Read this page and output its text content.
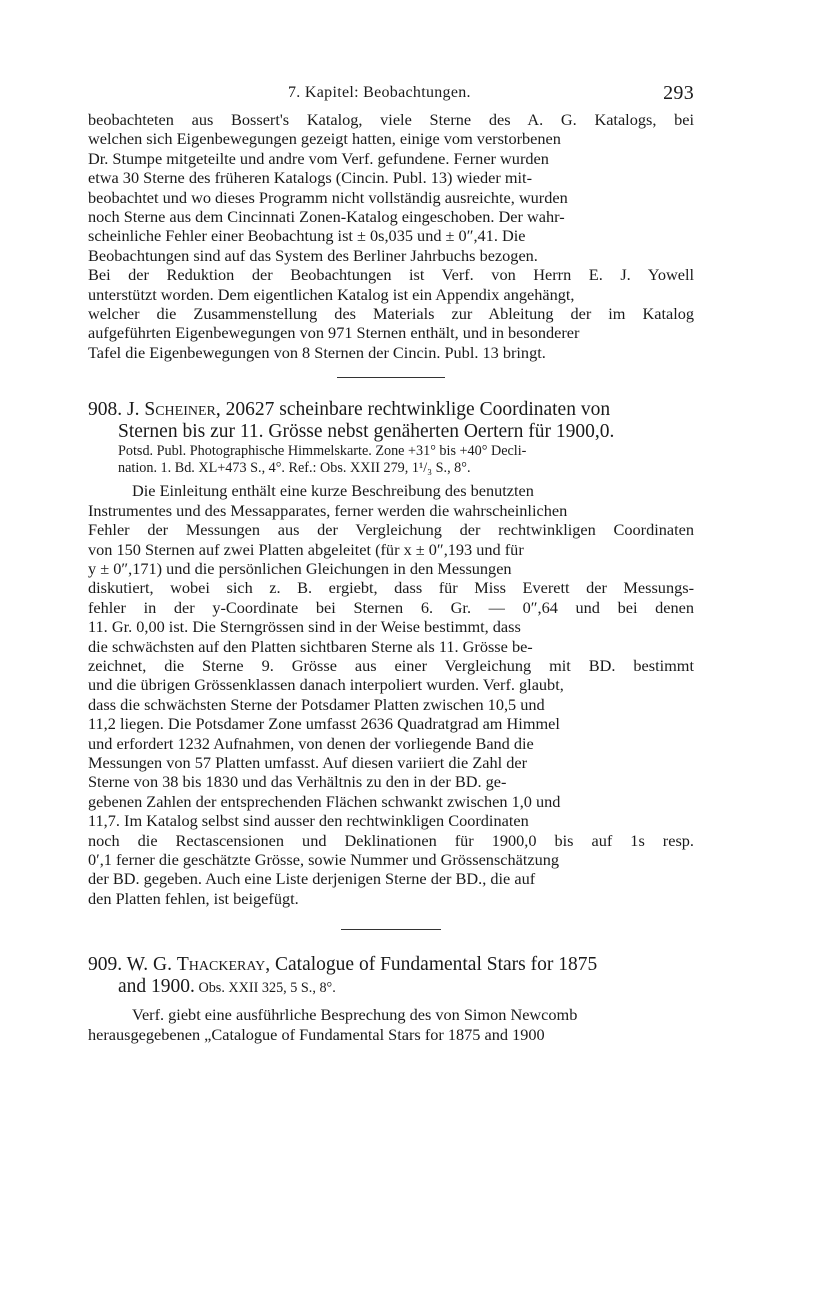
7. Kapitel: Beobachtungen.	293
beobachteten aus Bossert's Katalog, viele Sterne des A. G. Katalogs, bei
welchen sich Eigenbewegungen gezeigt hatten, einige vom verstorbenen
Dr. Stumpe mitgeteilte und andre vom Verf. gefundene. Ferner wurden
etwa 30 Sterne des früheren Katalogs (Cincin. Publ. 13) wieder mit-
beobachtet und wo dieses Programm nicht vollständig ausreichte, wurden
noch Sterne aus dem Cincinnati Zonen-Katalog eingeschoben. Der wahr-
scheinliche Fehler einer Beobachtung ist ± 0s,035 und ± 0″,41. Die
Beobachtungen sind auf das System des Berliner Jahrbuchs bezogen.
Bei der Reduktion der Beobachtungen ist Verf. von Herrn E. J. Yowell
unterstützt worden. Dem eigentlichen Katalog ist ein Appendix angehängt,
welcher die Zusammenstellung des Materials zur Ableitung der im Katalog
aufgeführten Eigenbewegungen von 971 Sternen enthält, und in besonderer
Tafel die Eigenbewegungen von 8 Sternen der Cincin. Publ. 13 bringt.
908. J. Scheiner, 20627 scheinbare rechtwinklige Coordinaten von
Sternen bis zur 11. Grösse nebst genäherten Oertern für 1900,0.
Potsd. Publ. Photographische Himmelskarte. Zone +31° bis +40° Decli-
nation. 1. Bd. XL+473 S., 4°. Ref.: Obs. XXII 279, 1¹/₃ S., 8°.
Die Einleitung enthält eine kurze Beschreibung des benutzten
Instrumentes und des Messapparates, ferner werden die wahrscheinlichen
Fehler der Messungen aus der Vergleichung der rechtwinkligen Coordinaten
von 150 Sternen auf zwei Platten abgeleitet (für x ± 0″,193 und für
y ± 0″,171) und die persönlichen Gleichungen in den Messungen
diskutiert, wobei sich z. B. ergiebt, dass für Miss Everett der Messungs-
fehler in der y-Coordinate bei Sternen 6. Gr. — 0″,64 und bei denen
11. Gr. 0,00 ist. Die Sterngrössen sind in der Weise bestimmt, dass
die schwächsten auf den Platten sichtbaren Sterne als 11. Grösse be-
zeichnet, die Sterne 9. Grösse aus einer Vergleichung mit BD. bestimmt
und die übrigen Grössenklassen danach interpoliert wurden. Verf. glaubt,
dass die schwächsten Sterne der Potsdamer Platten zwischen 10,5 und
11,2 liegen. Die Potsdamer Zone umfasst 2636 Quadratgrad am Himmel
und erfordert 1232 Aufnahmen, von denen der vorliegende Band die
Messungen von 57 Platten umfasst. Auf diesen variiert die Zahl der
Sterne von 38 bis 1830 und das Verhältnis zu den in der BD. ge-
gebenen Zahlen der entsprechenden Flächen schwankt zwischen 1,0 und
11,7. Im Katalog selbst sind ausser den rechtwinkligen Coordinaten
noch die Rectascensionen und Deklinationen für 1900,0 bis auf 1s resp.
0′,1 ferner die geschätzte Grösse, sowie Nummer und Grössenschätzung
der BD. gegeben. Auch eine Liste derjenigen Sterne der BD., die auf
den Platten fehlen, ist beigefügt.
909. W. G. Thackeray, Catalogue of Fundamental Stars for 1875
and 1900. Obs. XXII 325, 5 S., 8°.
Verf. giebt eine ausführliche Besprechung des von Simon Newcomb
herausgegebenen „Catalogue of Fundamental Stars for 1875 and 1900
